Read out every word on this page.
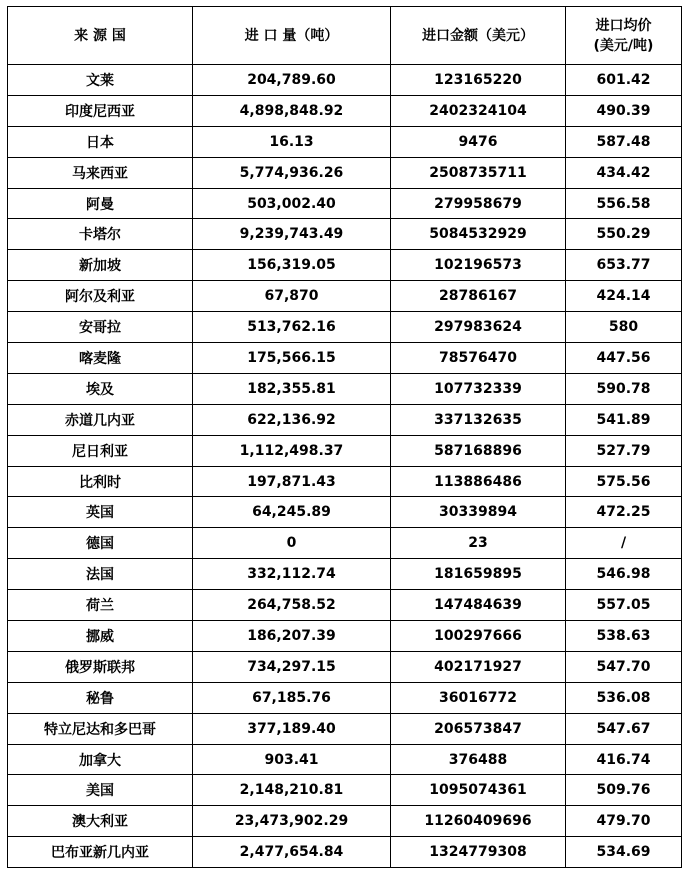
来 源 国	进 口 量（吨）	进口金额（美元）	进口均价
(美元/吨)

文莱	204,789.60	123165220	601.42
印度尼西亚	4,898,848.92	2402324104	490.39
日本	16.13	9476	587.48
马来西亚	5,774,936.26	2508735711	434.42
阿曼	503,002.40	279958679	556.58
卡塔尔	9,239,743.49	5084532929	550.29
新加坡	156,319.05	102196573	653.77
阿尔及利亚	67,870	28786167	424.14
安哥拉	513,762.16	297983624	580
喀麦隆	175,566.15	78576470	447.56
埃及	182,355.81	107732339	590.78
赤道几内亚	622,136.92	337132635	541.89
尼日利亚	1,112,498.37	587168896	527.79
比利时	197,871.43	113886486	575.56
英国	64,245.89	30339894	472.25
德国	0	23	/
法国	332,112.74	181659895	546.98
荷兰	264,758.52	147484639	557.05
挪威	186,207.39	100297666	538.63
俄罗斯联邦	734,297.15	402171927	547.70
秘鲁	67,185.76	36016772	536.08
特立尼达和多巴哥	377,189.40	206573847	547.67
加拿大	903.41	376488	416.74
美国	2,148,210.81	1095074361	509.76
澳大利亚	23,473,902.29	11260409696	479.70
巴布亚新几内亚	2,477,654.84	1324779308	534.69
